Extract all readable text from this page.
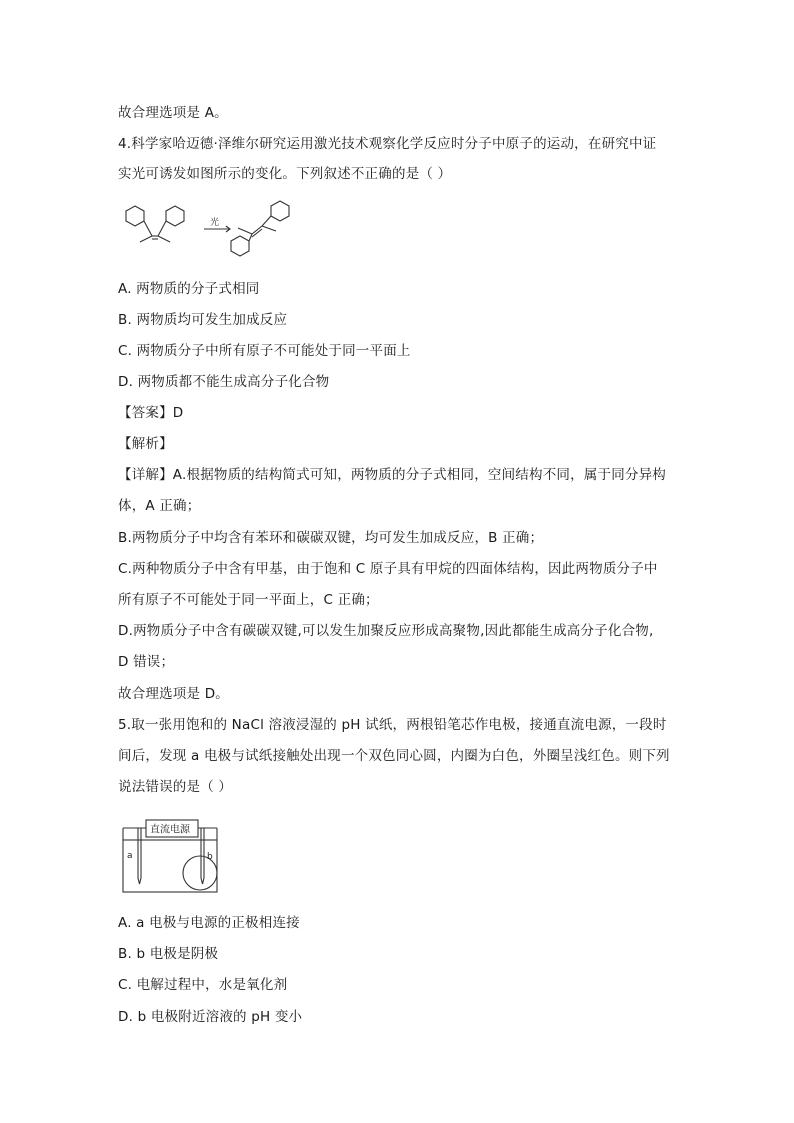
故合理选项是 A。
4.科学家哈迈德·泽维尔研究运用激光技术观察化学反应时分子中原子的运动，在研究中证
实光可诱发如图所示的变化。下列叙述不正确的是（ ）
光
A. 两物质的分子式相同
B. 两物质均可发生加成反应
C. 两物质分子中所有原子不可能处于同一平面上
D. 两物质都不能生成高分子化合物
【答案】D
【解析】
【详解】A.根据物质的结构简式可知，两物质的分子式相同，空间结构不同，属于同分异构
体，A 正确；
B.两物质分子中均含有苯环和碳碳双键，均可发生加成反应，B 正确；
C.两种物质分子中含有甲基，由于饱和 C 原子具有甲烷的四面体结构，因此两物质分子中
所有原子不可能处于同一平面上，C 正确；
D.两物质分子中含有碳碳双键,可以发生加聚反应形成高聚物,因此都能生成高分子化合物,
D 错误；
故合理选项是 D。
5.取一张用饱和的 NaCl 溶液浸湿的 pH 试纸，两根铅笔芯作电极，接通直流电源，一段时
间后，发现 a 电极与试纸接触处出现一个双色同心圆，内圈为白色，外圈呈浅红色。则下列
说法错误的是（ ）
直流电源
a	b
A. a 电极与电源的正极相连接
B. b 电极是阴极
C. 电解过程中，水是氧化剂
D. b 电极附近溶液的 pH 变小
